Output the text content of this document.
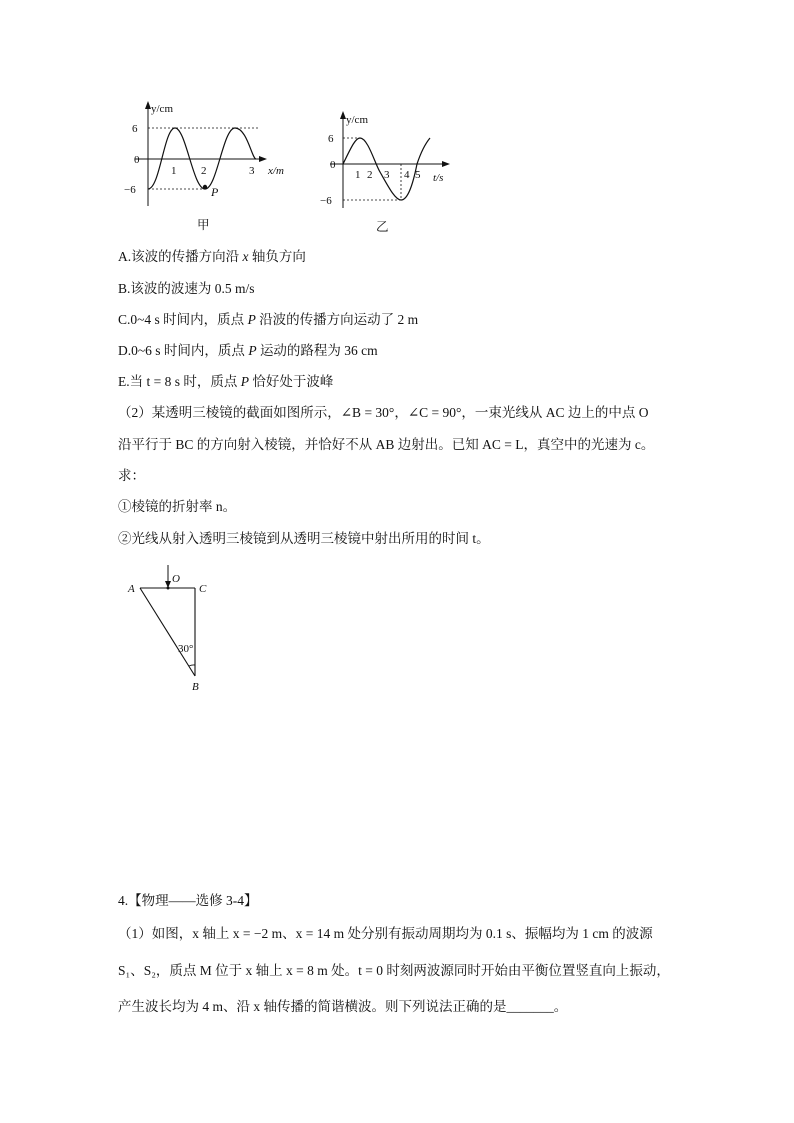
y/cm
x/m
6
0
−6
1 2	3
P
甲
y/cm
t/s
6
0
−6
1 2 3 4 5
乙
A.该波的传播方向沿 x 轴负方向
B.该波的波速为 0.5 m/s
C.0~4 s 时间内，质点 P 沿波的传播方向运动了 2 m
D.0~6 s 时间内，质点 P 运动的路程为 36 cm
E.当 t = 8 s 时，质点 P 恰好处于波峰
（2）某透明三棱镜的截面如图所示，∠B = 30°，∠C = 90°，一束光线从 AC 边上的中点 O
沿平行于 BC 的方向射入棱镜，并恰好不从 AB 边射出。已知 AC = L，真空中的光速为 c。
求：
①棱镜的折射率 n。
②光线从射入透明三棱镜到从透明三棱镜中射出所用的时间 t。
A	C
O
B
30°
4.【物理——选修 3-4】
（1）如图，x 轴上 x = −2 m、x = 14 m 处分别有振动周期均为 0.1 s、振幅均为 1 cm 的波源
S₁、S₂，质点 M 位于 x 轴上 x = 8 m 处。t = 0 时刻两波源同时开始由平衡位置竖直向上振动，
产生波长均为 4 m、沿 x 轴传播的简谐横波。则下列说法正确的是_______。
